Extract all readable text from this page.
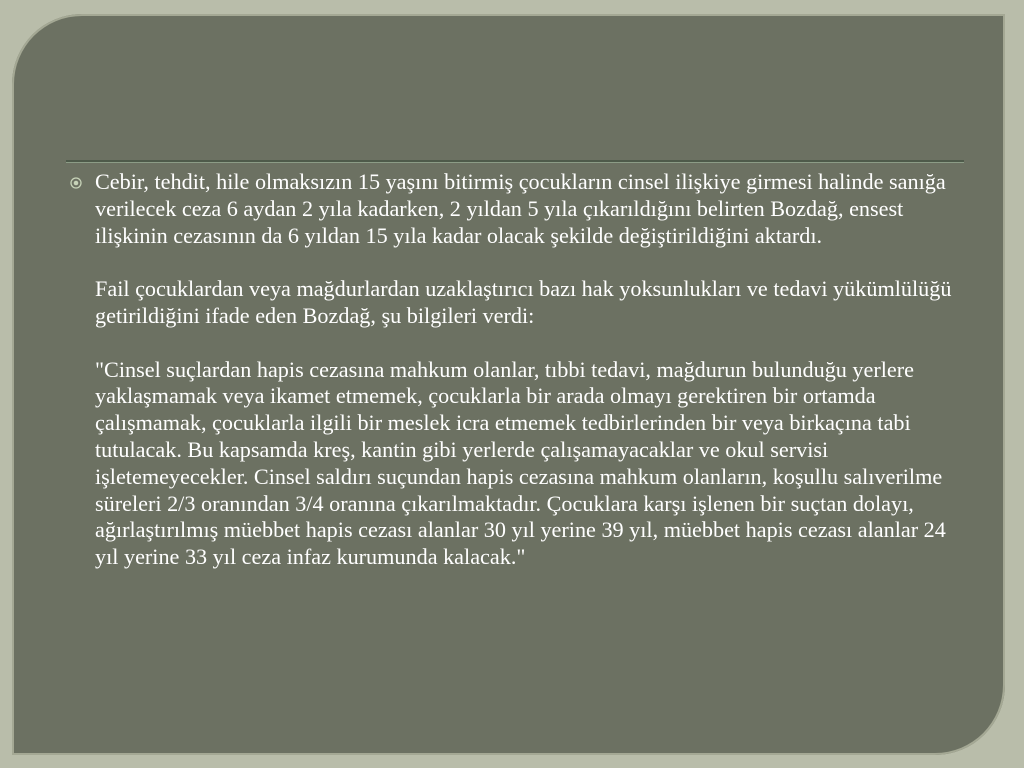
Cebir, tehdit, hile olmaksızın 15 yaşını bitirmiş çocukların cinsel ilişkiye girmesi halinde sanığa verilecek ceza 6 aydan 2 yıla kadarken, 2 yıldan 5 yıla çıkarıldığını belirten Bozdağ, ensest ilişkinin cezasının da 6 yıldan 15 yıla kadar olacak şekilde değiştirildiğini aktardı.

Fail çocuklardan veya mağdurlardan uzaklaştırıcı bazı hak yoksunlukları ve tedavi yükümlülüğü getirildiğini ifade eden Bozdağ, şu bilgileri verdi:

"Cinsel suçlardan hapis cezasına mahkum olanlar, tıbbi tedavi, mağdurun bulunduğu yerlere yaklaşmamak veya ikamet etmemek, çocuklarla bir arada olmayı gerektiren bir ortamda çalışmamak, çocuklarla ilgili bir meslek icra etmemek tedbirlerinden bir veya birkaçına tabi tutulacak. Bu kapsamda kreş, kantin gibi yerlerde çalışamayacaklar ve okul servisi işletemeyecekler. Cinsel saldırı suçundan hapis cezasına mahkum olanların, koşullu salıverilme süreleri 2/3 oranından 3/4 oranına çıkarılmaktadır. Çocuklara karşı işlenen bir suçtan dolayı, ağırlaştırılmış müebbet hapis cezası alanlar 30 yıl yerine 39 yıl, müebbet hapis cezası alanlar 24 yıl yerine 33 yıl ceza infaz kurumunda kalacak."
